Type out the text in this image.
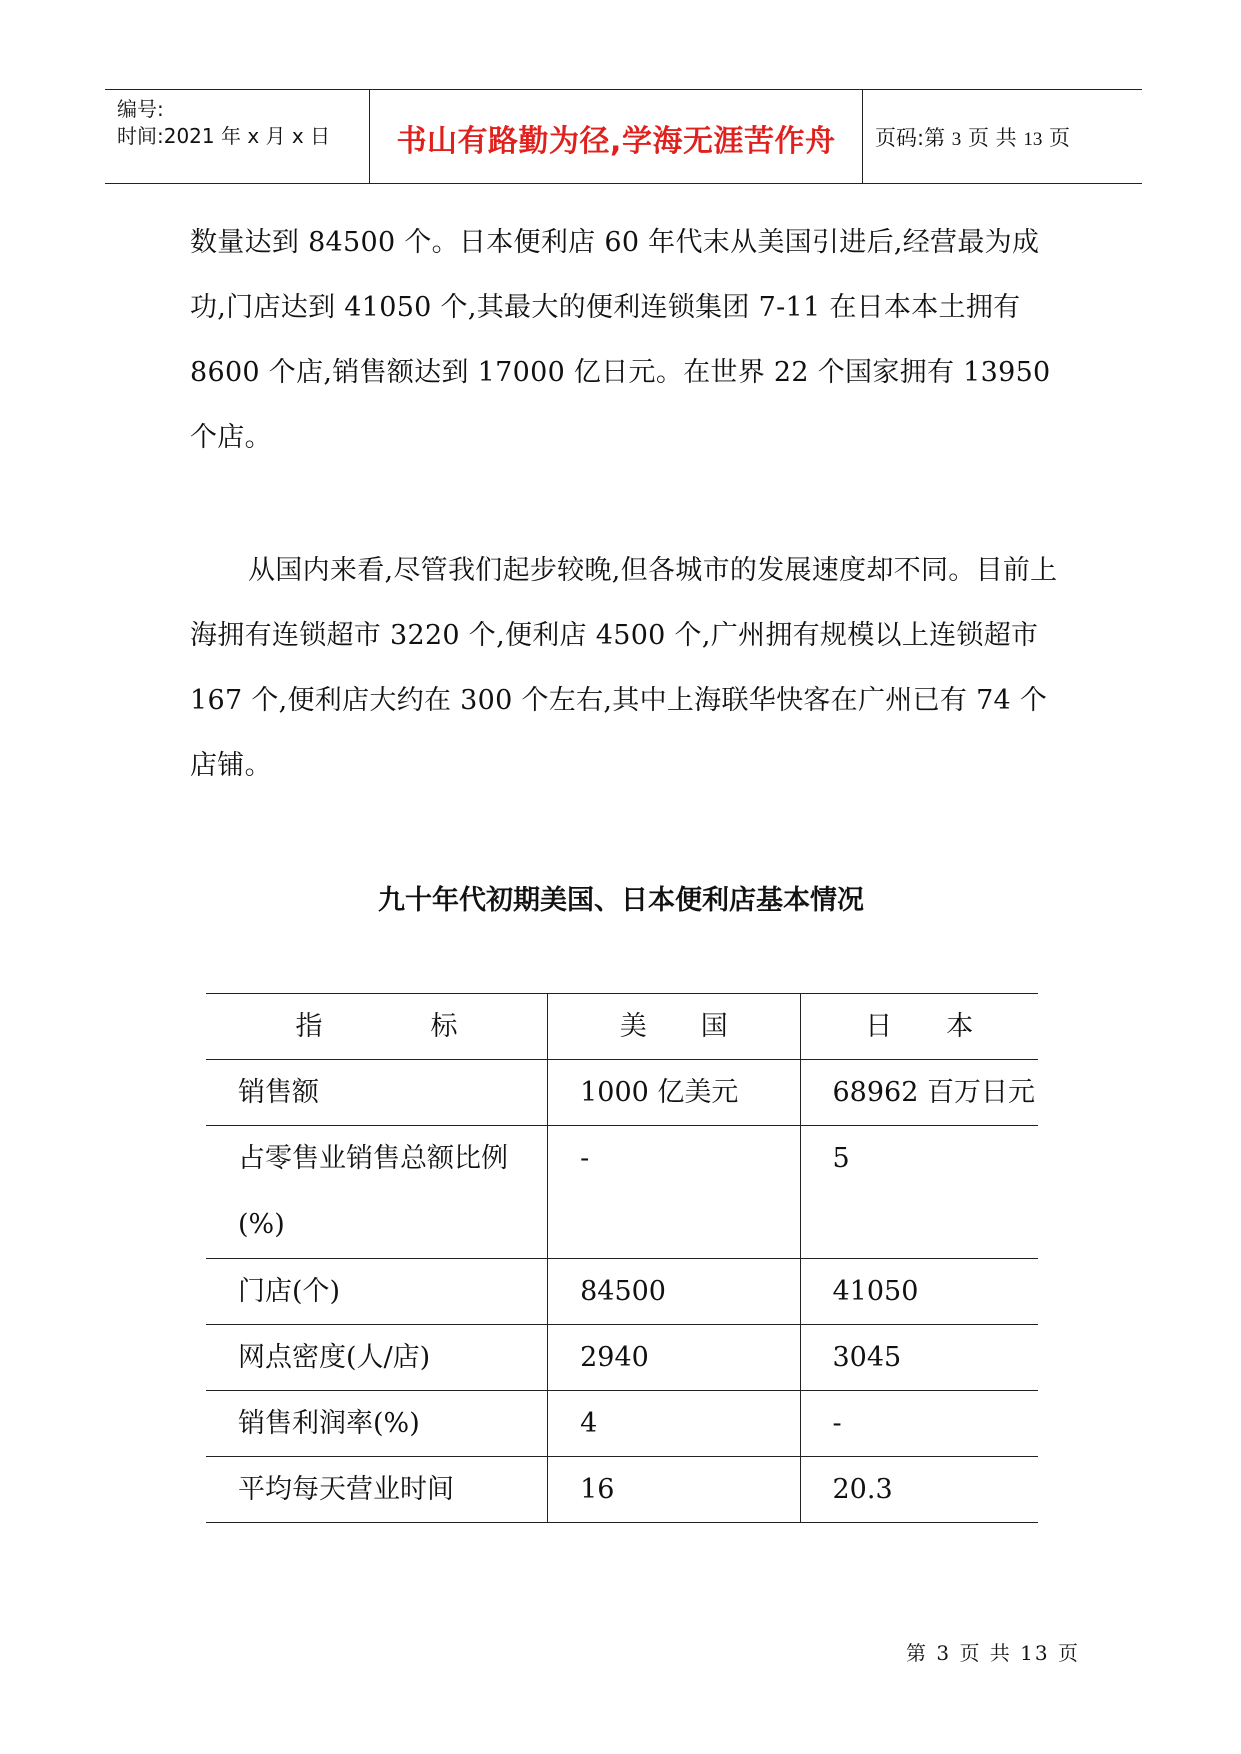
编号:
时间:2021 年 x 月 x 日	书山有路勤为径,学海无涯苦作舟	页码:第 3 页 共 13 页
数量达到 84500 个。日本便利店 60 年代末从美国引进后,经营最为成功,门店达到 41050 个,其最大的便利连锁集团 7-11 在日本本土拥有 8600 个店,销售额达到 17000 亿日元。在世界 22 个国家拥有 13950 个店。
从国内来看,尽管我们起步较晚,但各城市的发展速度却不同。目前上海拥有连锁超市 3220 个,便利店 4500 个,广州拥有规模以上连锁超市 167 个,便利店大约在 300 个左右,其中上海联华快客在广州已有 74 个店铺。
九十年代初期美国、日本便利店基本情况
指　　　　标	美　　国	日　　本

销售额	1000 亿美元	68962 百万日元

占零售业销售总额比例(%)	-	5

门店(个)	84500	41050

网点密度(人/店)	2940	3045

销售利润率(%)	4	-

平均每天营业时间	16	20.3
第 3 页 共 13 页
